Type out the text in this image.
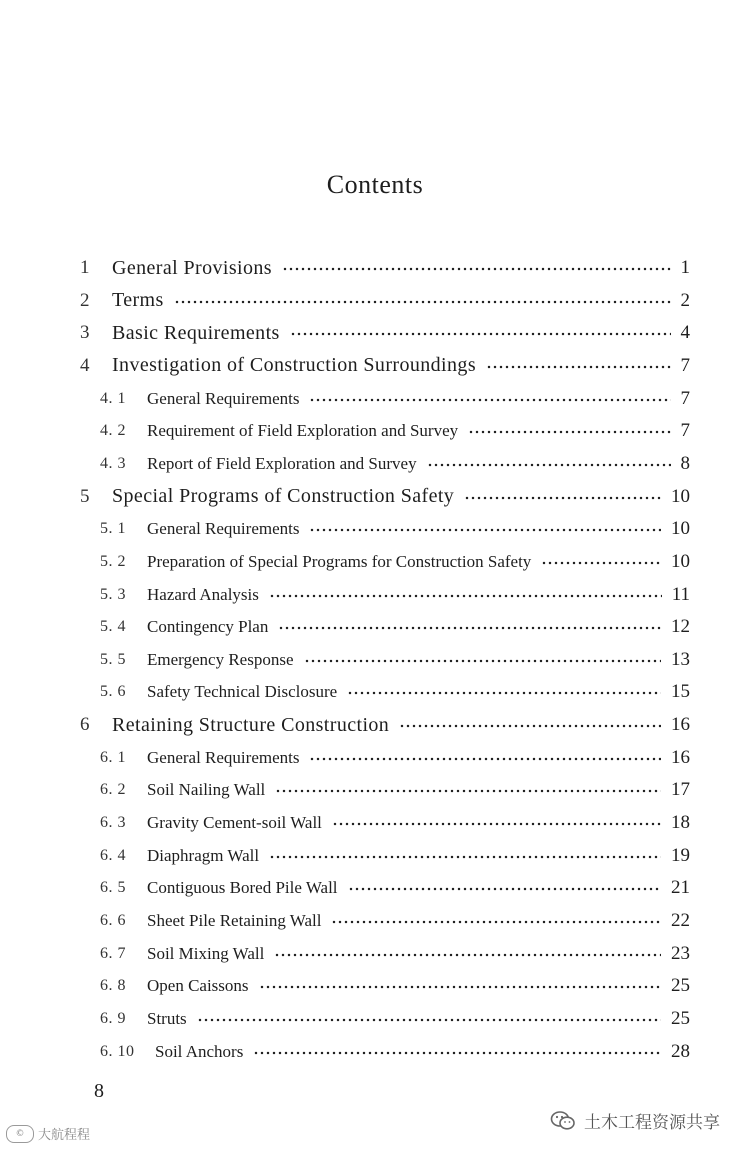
Contents
1 General Provisions	1
2 Terms	2
3 Basic Requirements	4
4 Investigation of Construction Surroundings	7
4. 1 General Requirements	7
4. 2 Requirement of Field Exploration and Survey	7
4. 3 Report of Field Exploration and Survey	8
5 Special Programs of Construction Safety	10
5. 1 General Requirements	10
5. 2 Preparation of Special Programs for Construction Safety	10
5. 3 Hazard Analysis	11
5. 4 Contingency Plan	12
5. 5 Emergency Response	13
5. 6 Safety Technical Disclosure	15
6 Retaining Structure Construction	16
6. 1 General Requirements	16
6. 2 Soil Nailing Wall	17
6. 3 Gravity Cement-soil Wall	18
6. 4 Diaphragm Wall	19
6. 5 Contiguous Bored Pile Wall	21
6. 6 Sheet Pile Retaining Wall	22
6. 7 Soil Mixing Wall	23
6. 8 Open Caissons	25
6. 9 Struts	25
6. 10 Soil Anchors	28
8
©	大航程程
土木工程资源共享
